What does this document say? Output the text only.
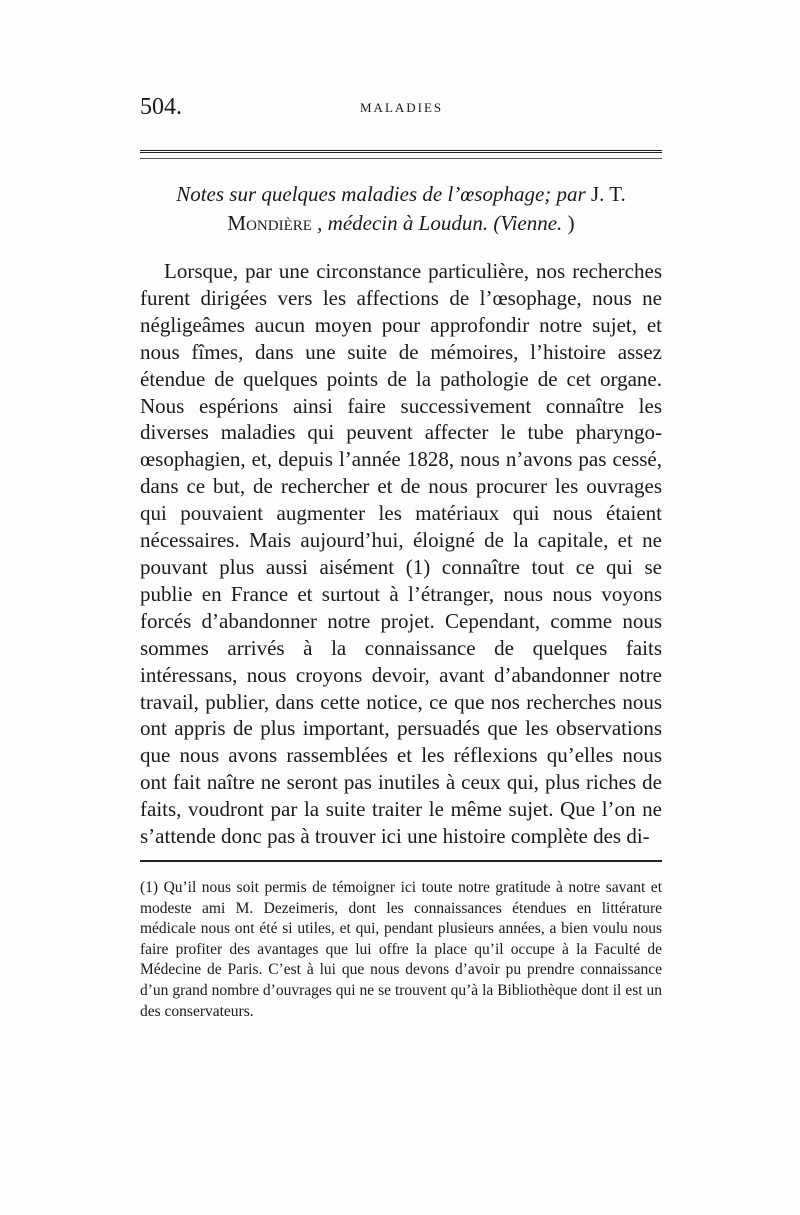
504.	MALADIES
Notes sur quelques maladies de l’œsophage; par J. T. Mondière , médecin à Loudun. (Vienne. )

Lorsque, par une circonstance particulière, nos recherches furent dirigées vers les affections de l’œsophage, nous ne négligeâmes aucun moyen pour approfondir notre sujet, et nous fîmes, dans une suite de mémoires, l’histoire assez étendue de quelques points de la pathologie de cet organe. Nous espérions ainsi faire successivement connaître les diverses maladies qui peuvent affecter le tube pharyngo-œsophagien, et, depuis l’année 1828, nous n’avons pas cessé, dans ce but, de rechercher et de nous procurer les ouvrages qui pouvaient augmenter les matériaux qui nous étaient nécessaires. Mais aujourd’hui, éloigné de la capitale, et ne pouvant plus aussi aisément (1) connaître tout ce qui se publie en France et surtout à l’étranger, nous nous voyons forcés d’abandonner notre projet. Cependant, comme nous sommes arrivés à la connaissance de quelques faits intéressans, nous croyons devoir, avant d’abandonner notre travail, publier, dans cette notice, ce que nos recherches nous ont appris de plus important, persuadés que les observations que nous avons rassemblées et les réflexions qu’elles nous ont fait naître ne seront pas inutiles à ceux qui, plus riches de faits, voudront par la suite traiter le même sujet. Que l’on ne s’attende donc pas à trouver ici une histoire complète des di-

(1) Qu’il nous soit permis de témoigner ici toute notre gratitude à notre savant et modeste ami M. Dezeimeris, dont les connaissances étendues en littérature médicale nous ont été si utiles, et qui, pendant plusieurs années, a bien voulu nous faire profiter des avantages que lui offre la place qu’il occupe à la Faculté de Médecine de Paris. C’est à lui que nous devons d’avoir pu prendre connaissance d’un grand nombre d’ouvrages qui ne se trouvent qu’à la Bibliothèque dont il est un des conservateurs.
